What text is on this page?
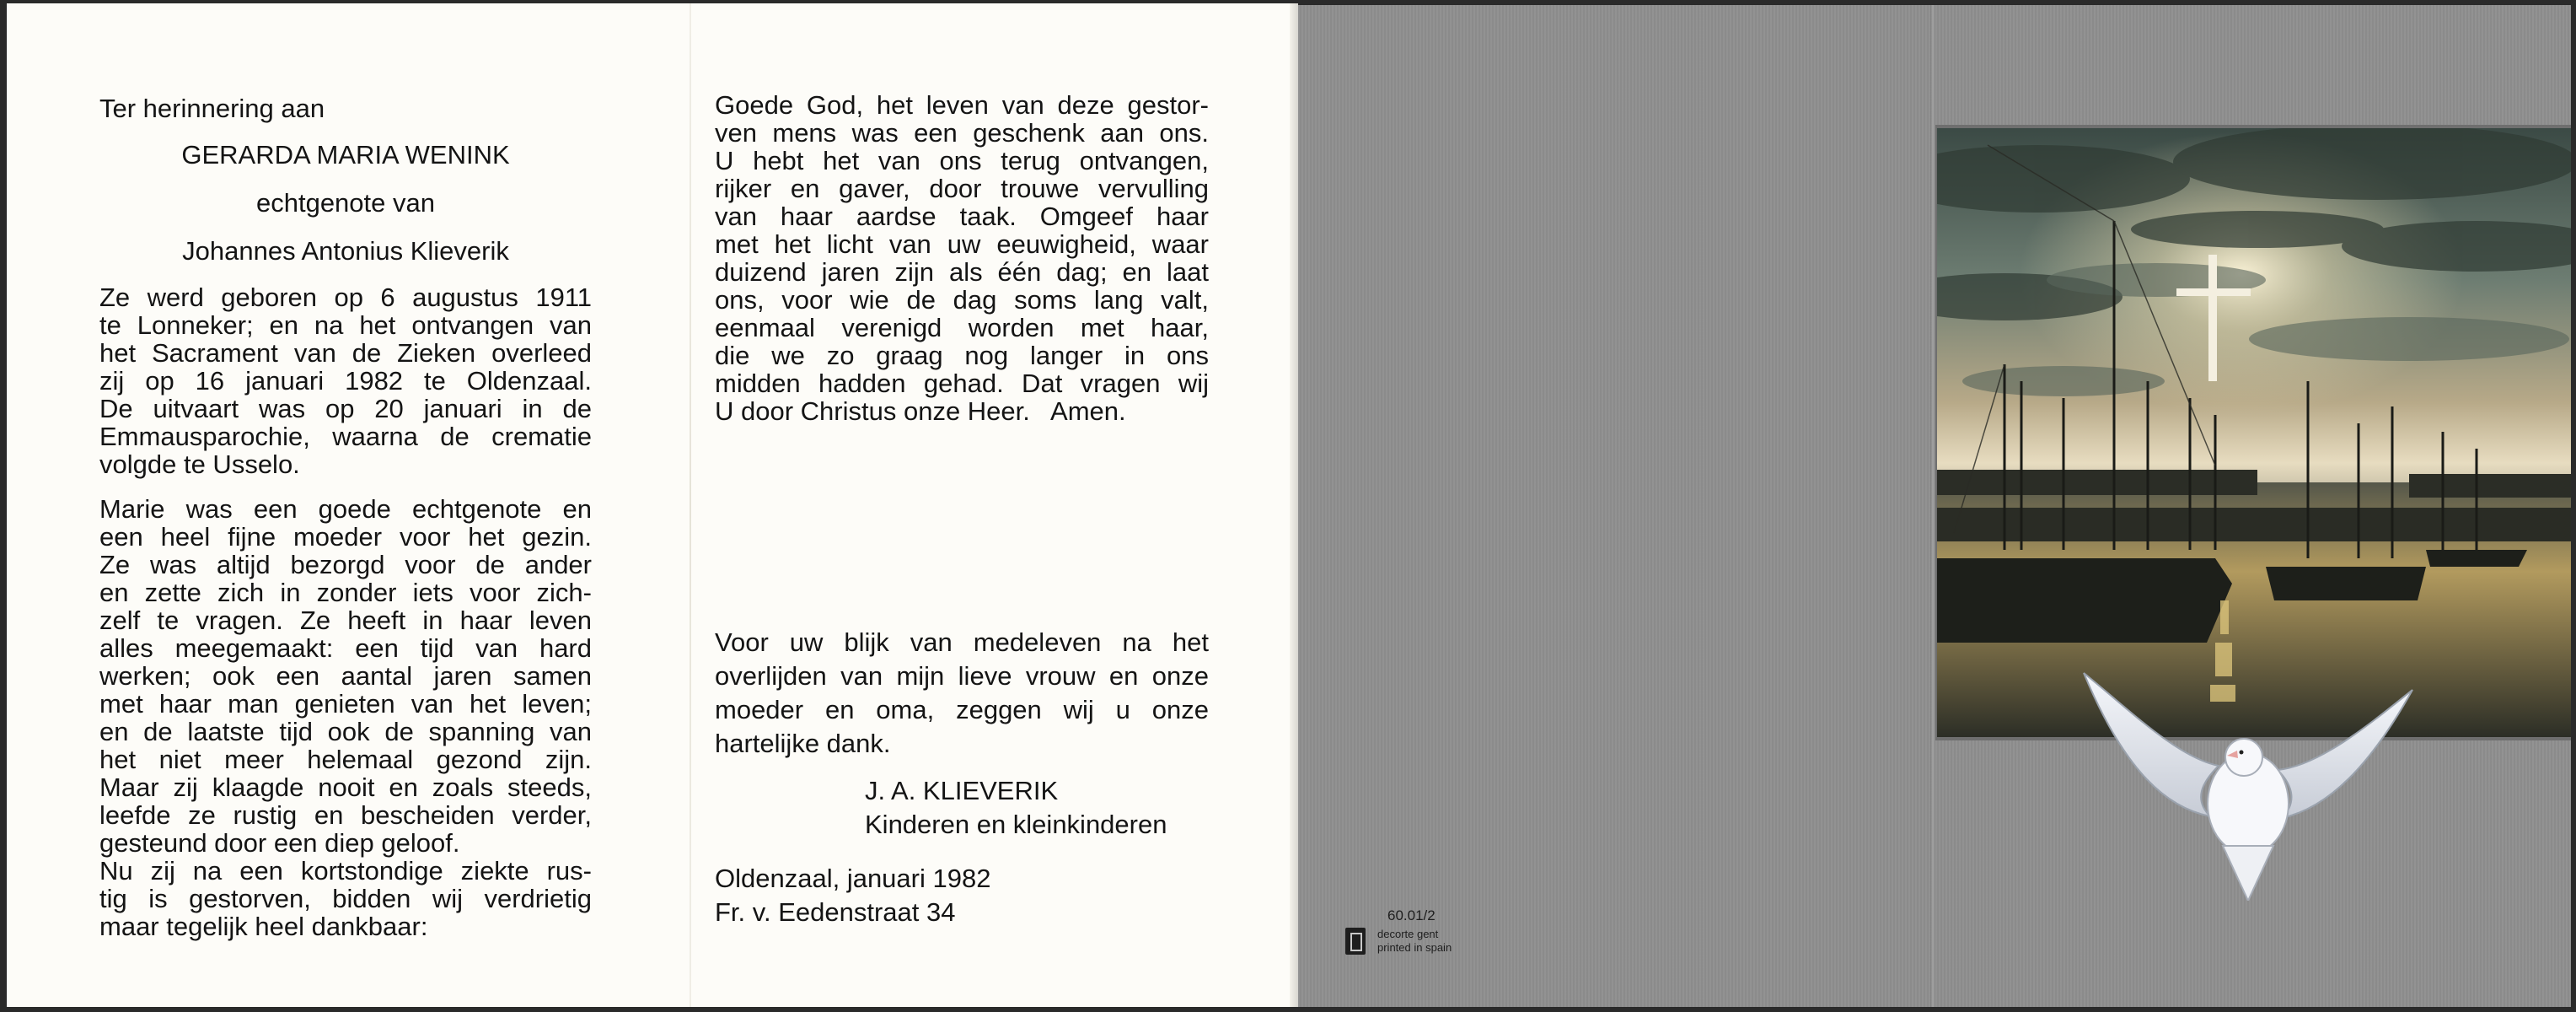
Ter herinnering aan

GERARDA MARIA WENINK

echtgenote van

Johannes Antonius Klieverik

Ze werd geboren op 6 augustus 1911
te Lonneker; en na het ontvangen van
het Sacrament van de Zieken overleed
zij op 16 januari 1982 te Oldenzaal.
De uitvaart was op 20 januari in de
Emmausparochie, waarna de crematie
volgde te Usselo.
Marie was een goede echtgenote en
een heel fijne moeder voor het gezin.
Ze was altijd bezorgd voor de ander
en zette zich in zonder iets voor zich-
zelf te vragen. Ze heeft in haar leven
alles meegemaakt: een tijd van hard
werken; ook een aantal jaren samen
met haar man genieten van het leven;
en de laatste tijd ook de spanning van
het niet meer helemaal gezond zijn.
Maar zij klaagde nooit en zoals steeds,
leefde ze rustig en bescheiden verder,
gesteund door een diep geloof.
Nu zij na een kortstondige ziekte rus-
tig is gestorven, bidden wij verdrietig
maar tegelijk heel dankbaar:
Goede God, het leven van deze gestor-
ven mens was een geschenk aan ons.
U hebt het van ons terug ontvangen,
rijker en gaver, door trouwe vervulling
van haar aardse taak. Omgeef haar
met het licht van uw eeuwigheid, waar
duizend jaren zijn als één dag; en laat
ons, voor wie de dag soms lang valt,
eenmaal verenigd worden met haar,
die we zo graag nog langer in ons
midden hadden gehad. Dat vragen wij
U door Christus onze Heer.   Amen.
Voor uw blijk van medeleven na het
overlijden van mijn lieve vrouw en onze
moeder en oma, zeggen wij u onze
hartelijke dank.

J. A. KLIEVERIK

Kinderen en kleinkinderen

Oldenzaal, januari 1982
Fr. v. Eedenstraat 34	60.01/2
decorte gent
printed in spain
